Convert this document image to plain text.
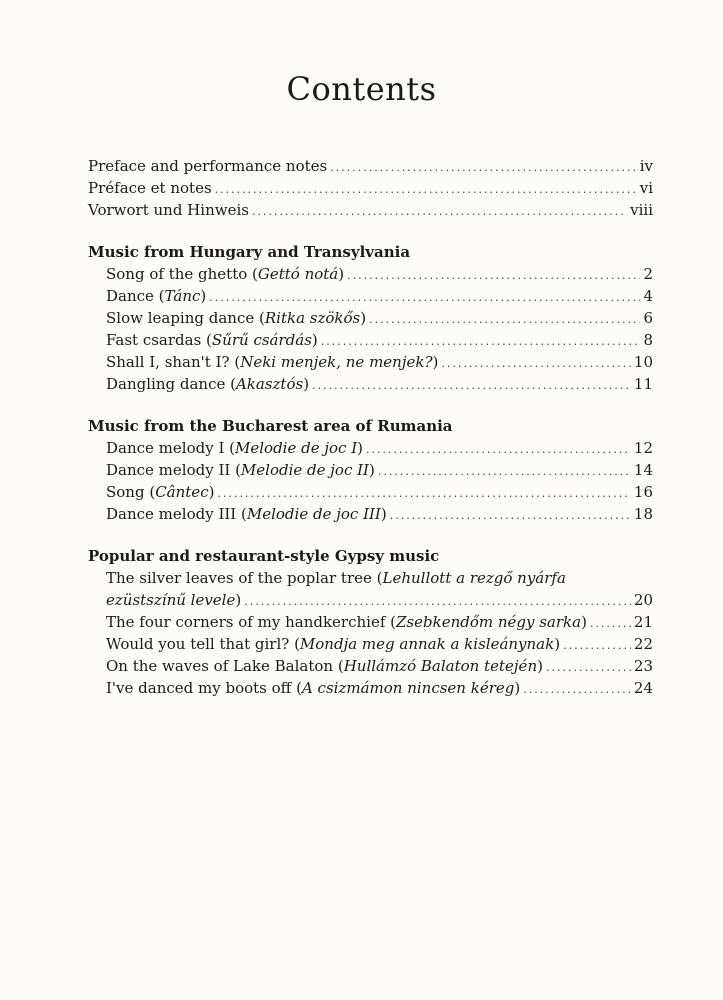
Contents
Preface and performance notes .....	iv
Préface et notes .....	vi
Vorwort und Hinweis .....	viii
Music from Hungary and Transylvania
Song of the ghetto (Gettó notá) .....	2
Dance (Tánc) .....	4
Slow leaping dance (Ritka szökős) .....	6
Fast csardas (Sűrű csárdás) .....	8
Shall I, shan't I? (Neki menjek, ne menjek?) .....	10
Dangling dance (Akasztós) .....	11
Music from the Bucharest area of Rumania
Dance melody I (Melodie de joc I) .....	12
Dance melody II (Melodie de joc II) .....	14
Song (Cântec) .....	16
Dance melody III (Melodie de joc III) .....	18
Popular and restaurant-style Gypsy music
The silver leaves of the poplar tree (Lehullott a rezgő nyárfa
ezüstszínű levele) .....	20
The four corners of my handkerchief (Zsebkendőm négy sarka) .....	21
Would you tell that girl? (Mondja meg annak a kisleánynak) .....	22
On the waves of Lake Balaton (Hullámzó Balaton tetején) .....	23
I've danced my boots off (A csizmámon nincsen kéreg) .....	24
